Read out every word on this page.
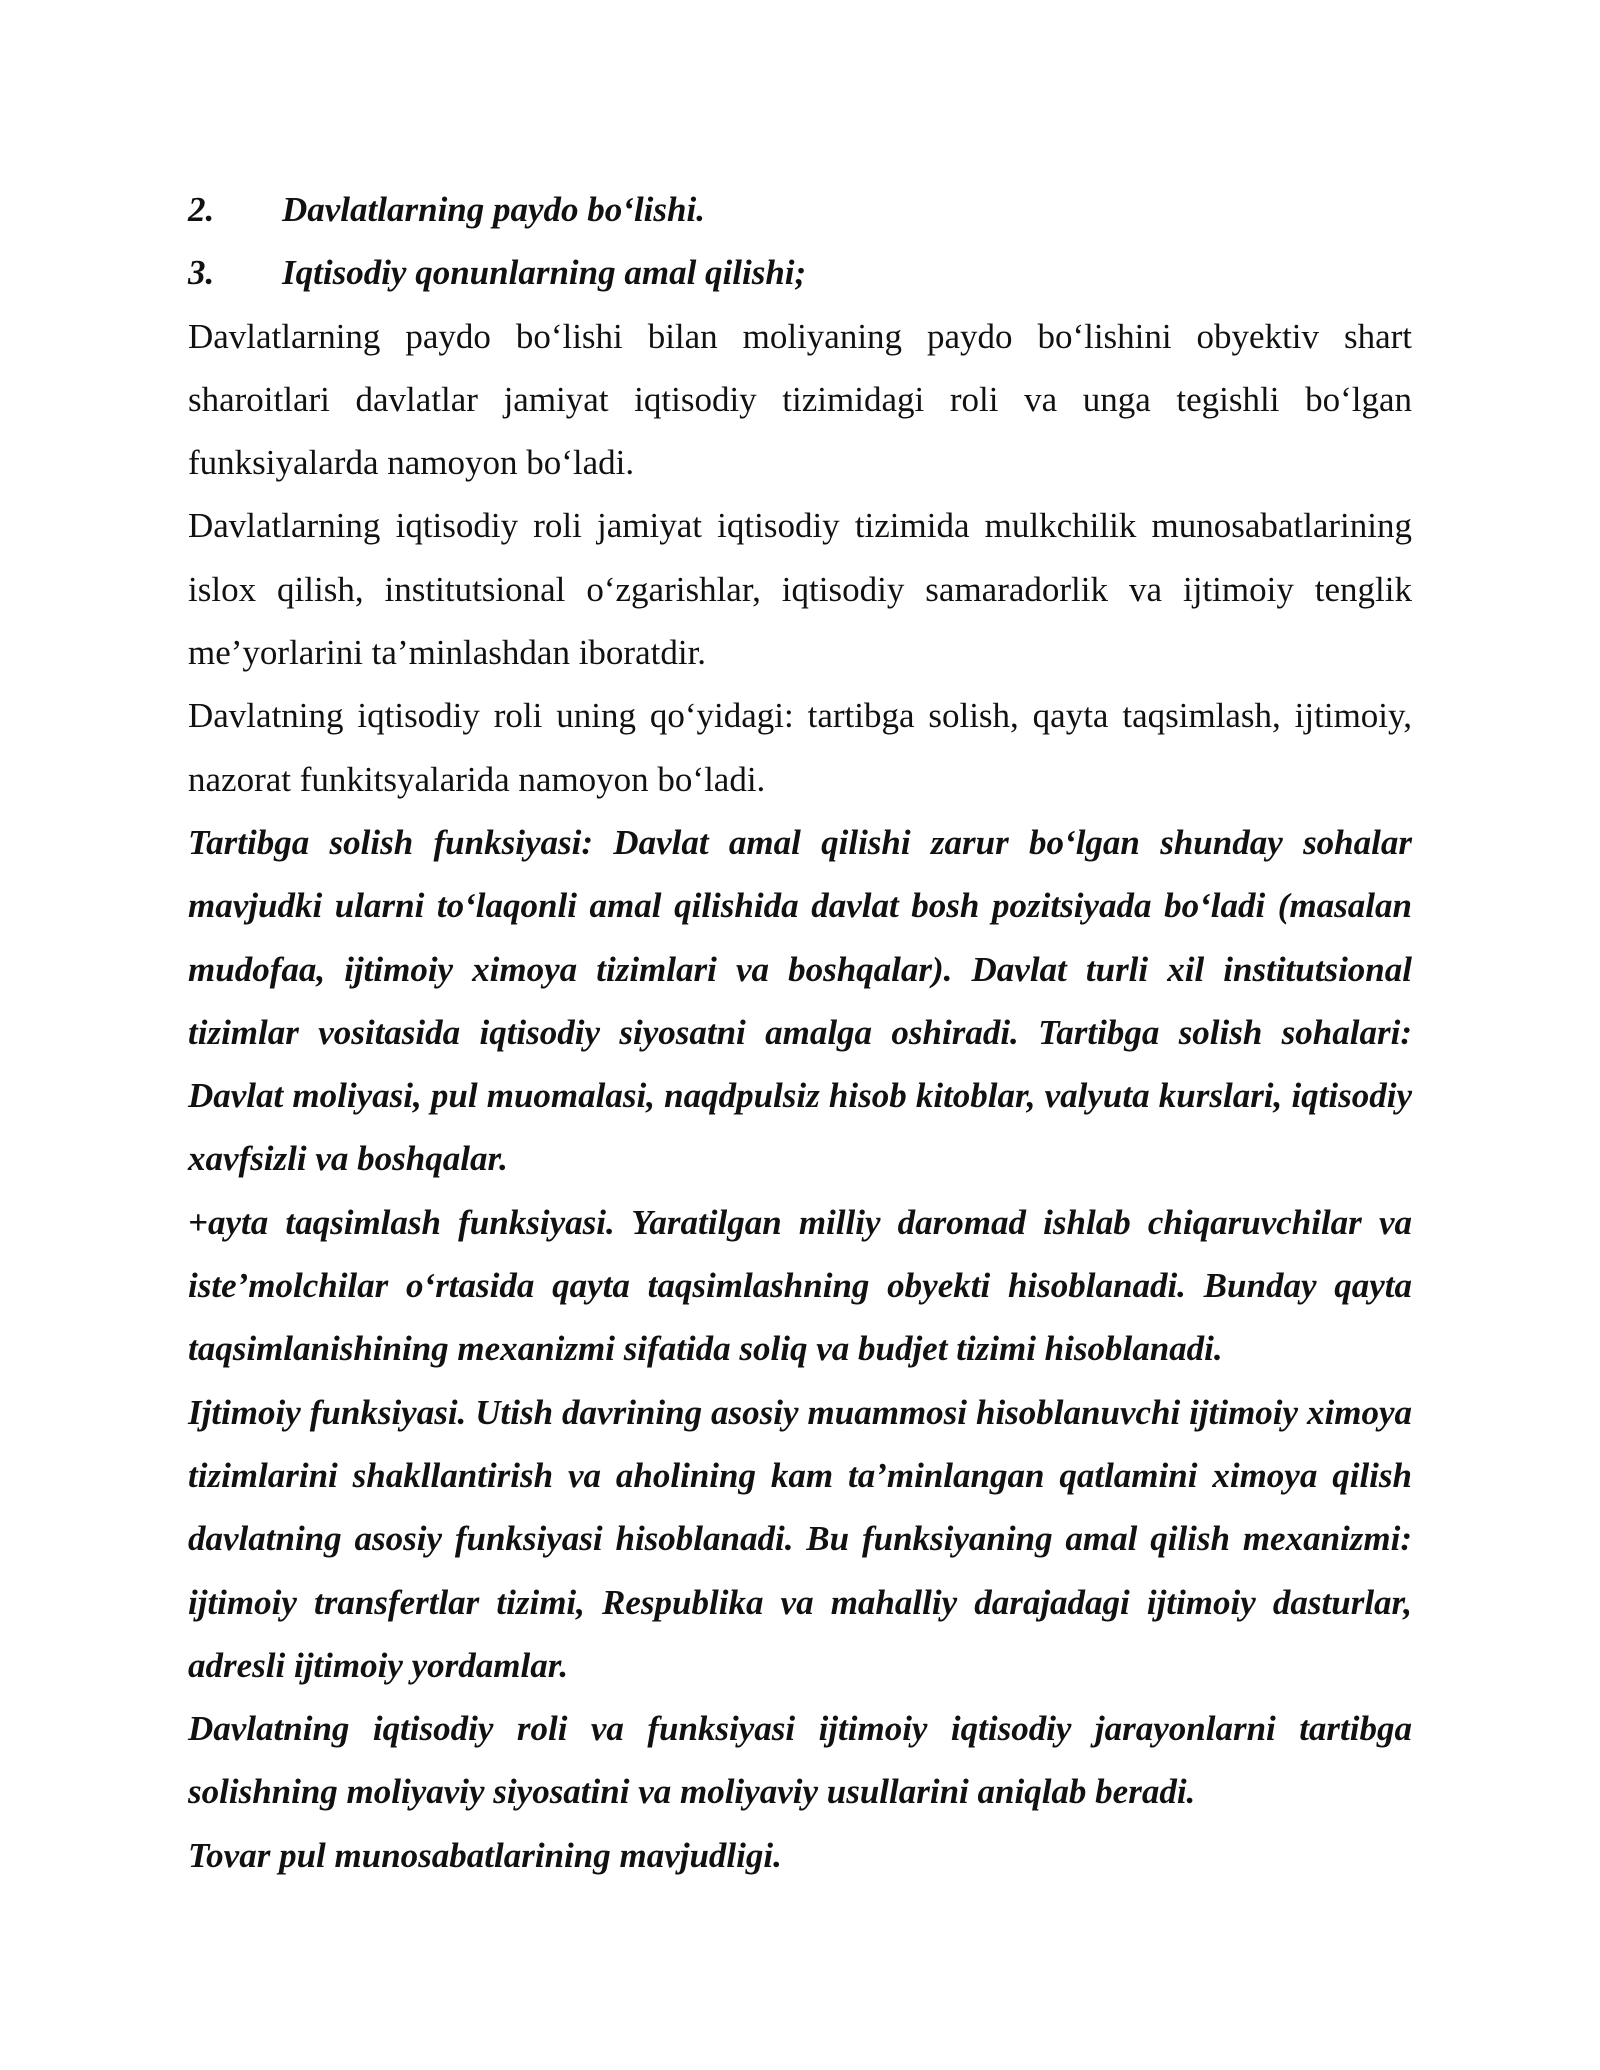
2.	Davlatlarning paydo bo‘lishi.
3.	Iqtisodiy qonunlarning amal qilishi;

Davlatlarning paydo bo‘lishi bilan moliyaning paydo bo‘lishini obyektiv shart sharoitlari davlatlar jamiyat iqtisodiy tizimidagi roli va unga tegishli bo‘lgan funksiyalarda namoyon bo‘ladi.

Davlatlarning iqtisodiy roli jamiyat iqtisodiy tizimida mulkchilik munosabatlarining islox qilish, institutsional o‘zgarishlar, iqtisodiy samaradorlik va ijtimoiy tenglik me’yorlarini ta’minlashdan iboratdir.

Davlatning iqtisodiy roli uning qo‘yidagi: tartibga solish, qayta taqsimlash, ijtimoiy, nazorat funkitsyalarida namoyon bo‘ladi.

Tartibga solish funksiyasi: Davlat amal qilishi zarur bo‘lgan shunday sohalar mavjudki ularni to‘laqonli amal qilishida davlat bosh pozitsiyada bo‘ladi (masalan mudofaa, ijtimoiy ximoya tizimlari va boshqalar). Davlat turli xil institutsional tizimlar vositasida iqtisodiy siyosatni amalga oshiradi. Tartibga solish sohalari: Davlat moliyasi, pul muomalasi, naqdpulsiz hisob kitoblar, valyuta kurslari, iqtisodiy xavfsizli va boshqalar.

+ayta taqsimlash funksiyasi. Yaratilgan milliy daromad ishlab chiqaruvchilar va iste’molchilar o‘rtasida qayta taqsimlashning obyekti hisoblanadi. Bunday qayta taqsimlanishining mexanizmi sifatida soliq va budjet tizimi hisoblanadi.

Ijtimoiy funksiyasi. Utish davrining asosiy muammosi hisoblanuvchi ijtimoiy ximoya tizimlarini shakllantirish va aholining kam ta’minlangan qatlamini ximoya qilish davlatning asosiy funksiyasi hisoblanadi. Bu funksiyaning amal qilish mexanizmi: ijtimoiy transfertlar tizimi, Respublika va mahalliy darajadagi ijtimoiy dasturlar, adresli ijtimoiy yordamlar.

Davlatning iqtisodiy roli va funksiyasi ijtimoiy iqtisodiy jarayonlarni tartibga solishning moliyaviy siyosatini va moliyaviy usullarini aniqlab beradi.

Tovar pul munosabatlarining mavjudligi.
